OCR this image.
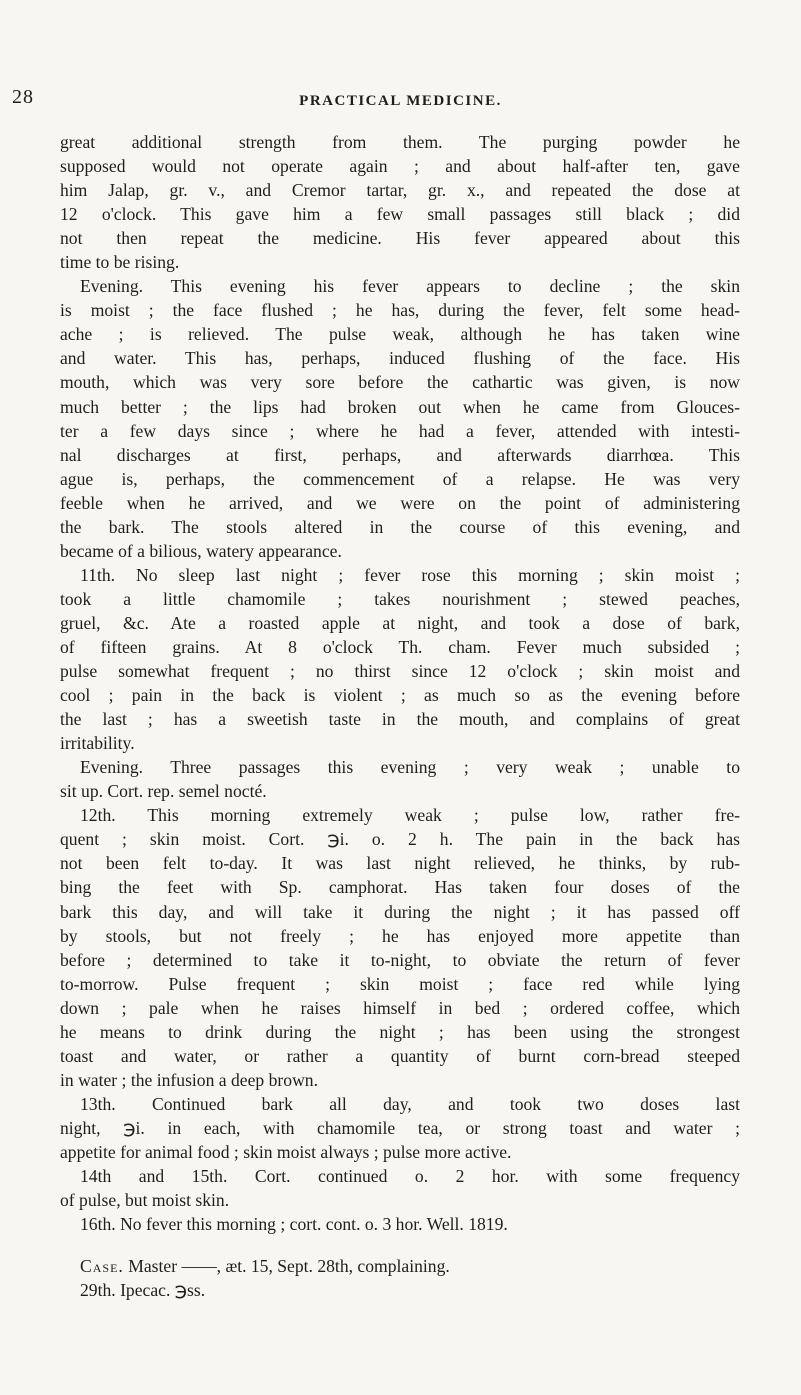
28	PRACTICAL MEDICINE.
great additional strength from them. The purging powder he
supposed would not operate again ; and about half-after ten, gave
him Jalap, gr. v., and Cremor tartar, gr. x., and repeated the dose at
12 o'clock. This gave him a few small passages still black ; did
not then repeat the medicine. His fever appeared about this
time to be rising.
Evening. This evening his fever appears to decline ; the skin
is moist ; the face flushed ; he has, during the fever, felt some head-
ache ; is relieved. The pulse weak, although he has taken wine
and water. This has, perhaps, induced flushing of the face. His
mouth, which was very sore before the cathartic was given, is now
much better ; the lips had broken out when he came from Glouces-
ter a few days since ; where he had a fever, attended with intesti-
nal discharges at first, perhaps, and afterwards diarrhœa. This
ague is, perhaps, the commencement of a relapse. He was very
feeble when he arrived, and we were on the point of administering
the bark. The stools altered in the course of this evening, and
became of a bilious, watery appearance.
11th. No sleep last night ; fever rose this morning ; skin moist ;
took a little chamomile ; takes nourishment ; stewed peaches,
gruel, &c. Ate a roasted apple at night, and took a dose of bark,
of fifteen grains. At 8 o'clock Th. cham. Fever much subsided ;
pulse somewhat frequent ; no thirst since 12 o'clock ; skin moist and
cool ; pain in the back is violent ; as much so as the evening before
the last ; has a sweetish taste in the mouth, and complains of great
irritability.
Evening. Three passages this evening ; very weak ; unable to
sit up. Cort. rep. semel nocté.
12th. This morning extremely weak ; pulse low, rather fre-
quent ; skin moist. Cort. ℈i. o. 2 h. The pain in the back has
not been felt to-day. It was last night relieved, he thinks, by rub-
bing the feet with Sp. camphorat. Has taken four doses of the
bark this day, and will take it during the night ; it has passed off
by stools, but not freely ; he has enjoyed more appetite than
before ; determined to take it to-night, to obviate the return of fever
to-morrow. Pulse frequent ; skin moist ; face red while lying
down ; pale when he raises himself in bed ; ordered coffee, which
he means to drink during the night ; has been using the strongest
toast and water, or rather a quantity of burnt corn-bread steeped
in water ; the infusion a deep brown.
13th. Continued bark all day, and took two doses last
night, ℈i. in each, with chamomile tea, or strong toast and water ;
appetite for animal food ; skin moist always ; pulse more active.
14th and 15th. Cort. continued o. 2 hor. with some frequency
of pulse, but moist skin.
16th. No fever this morning ; cort. cont. o. 3 hor. Well. 1819.
Case. Master ——, æt. 15, Sept. 28th, complaining.
29th. Ipecac. ℈ss.
